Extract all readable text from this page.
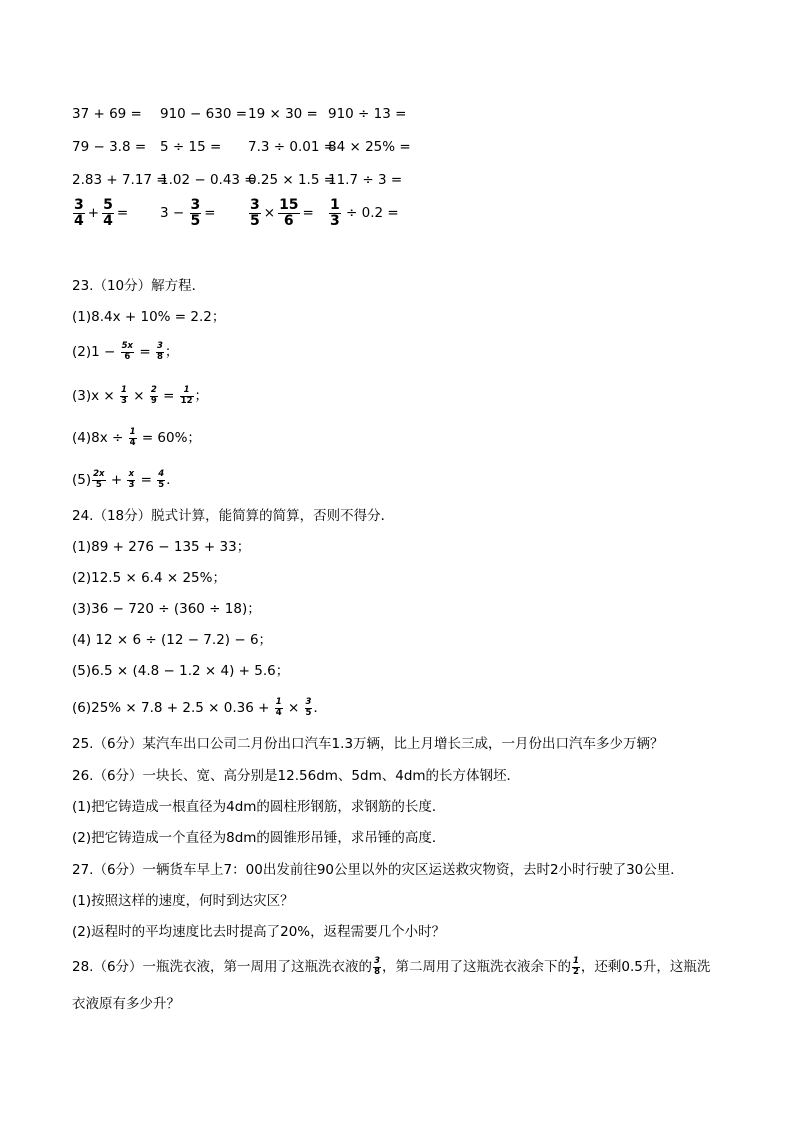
37 + 69 = 910 − 630 = 19 × 30 = 910 ÷ 13 =
79 − 3.8 = 5 ÷ 15 = 7.3 ÷ 0.01 =
84 × 25% =
2.83 + 7.17 =
1.02 − 0.43 =
0.25 × 1.5 =
11.7 ÷ 3 =
$\frac{3}{4} + \frac{5}{4} = 3 - \frac{3}{5} = \frac{3}{5} \times \frac{15}{6} = \frac{1}{3} \div 0.2$ =
23.（10分）解方程．
(1)8.4x + 10% = 2.2；
$(2)1 - \frac{5x}{6} = \frac{3}{8}$ ；
$(3)x \times \frac{1}{3} \times \frac{2}{9} = \frac{1}{12}$ ；
$(4)8x \div \frac{1}{4} = 60\%$；
$(5) \frac{2x}{5} + \frac{x}{3} = \frac{4}{5}$ ．
24.（18分）脱式计算，能简算的简算，否则不得分．
(1)89 + 276 − 135 + 33；
(2)12.5 × 6.4 × 25%；
(3)36 − 720 ÷ (360 ÷ 18)；
(4) 12 × 6 ÷ (12 − 7.2) − 6；
(5)6.5 × (4.8 − 1.2 × 4) + 5.6；
$(6)25\% \times 7.8 + 2.5 \times 0.36 + \frac{1}{4} \times \frac{3}{5}$ ．
25.（6分）某汽车出口公司二月份出口汽车1.3万辆，比上月增长三成，一月份出口汽车多少万辆？
26.（6分）一块长、宽、高分别是12.56dm、5dm、4dm的长方体钢坯．
(1)把它铸造成一根直径为4dm的圆柱形钢筋，求钢筋的长度．
(2)把它铸造成一个直径为8dm的圆锥形吊锤，求吊锤的高度．
27.（6分）一辆货车早上7：00出发前往90公里以外的灾区运送救灾物资，去时2小时行驶了30公里．
(1)按照这样的速度，何时到达灾区？
(2)返程时的平均速度比去时提高了20%，返程需要几个小时？
28.（6分）一瓶洗衣液，第一周用了这瓶洗衣液的 $\frac{3}{8}$ ，第二周用了这瓶洗衣液余下的 $\frac{1}{2}$ ，还剩0.5升，这瓶洗
衣液原有多少升？
